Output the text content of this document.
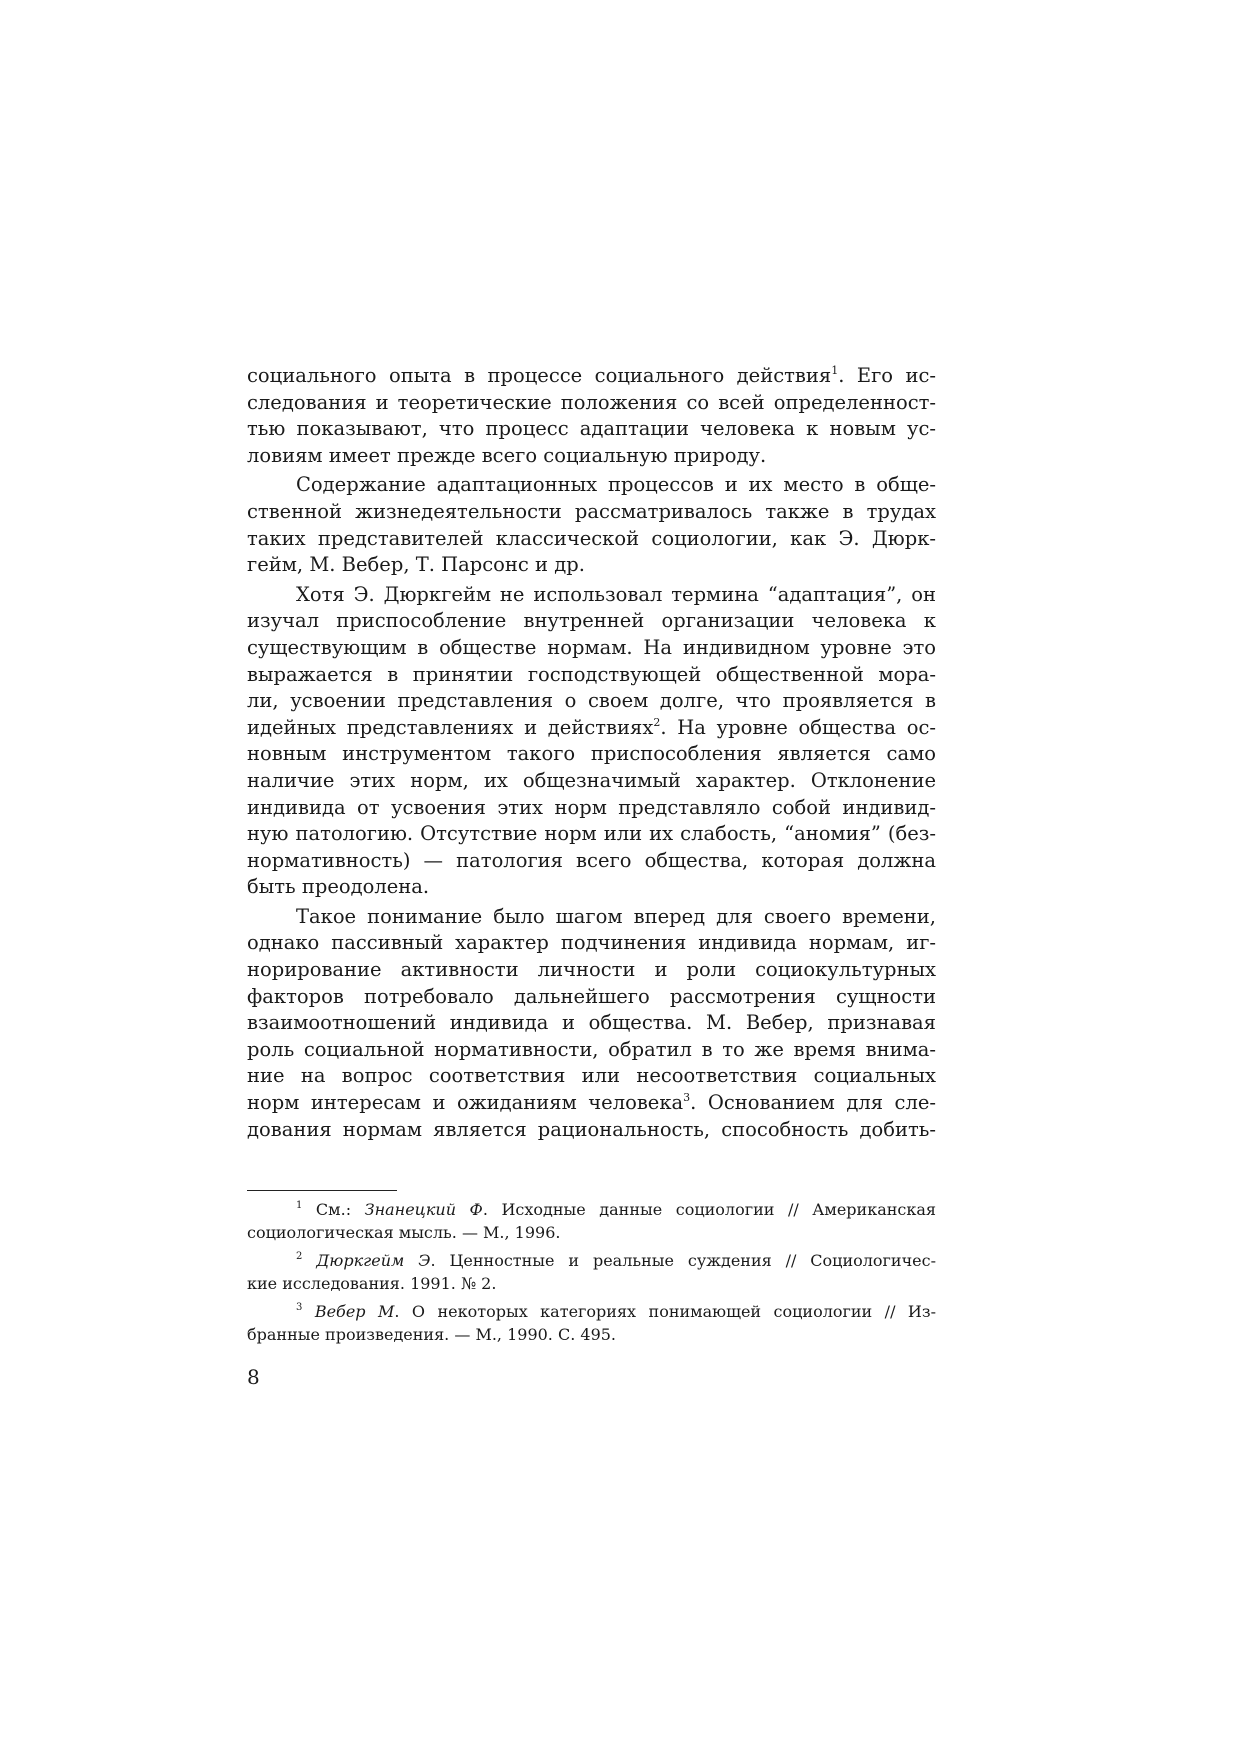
социального опыта в процессе социального действия$^1$. Его ис-
следования и теоретические положения со всей определенност-
тью показывают, что процесс адаптации человека к новым ус-
ловиям имеет прежде всего социальную природу.
Содержание адаптационных процессов и их место в обще-
ственной жизнедеятельности рассматривалось также в трудах
таких представителей классической социологии, как Э. Дюрк-
гейм, М. Вебер, Т. Парсонс и др.
Хотя Э. Дюркгейм не использовал термина “адаптация”, он
изучал приспособление внутренней организации человека к
существующим в обществе нормам. На индивидном уровне это
выражается в принятии господствующей общественной мора-
ли, усвоении представления о своем долге, что проявляется в
идейных представлениях и действиях$^2$. На уровне общества ос-
новным инструментом такого приспособления является само
наличие этих норм, их общезначимый характер. Отклонение
индивида от усвоения этих норм представляло собой индивид-
ную патологию. Отсутствие норм или их слабость, “аномия” (без-
нормативность) — патология всего общества, которая должна
быть преодолена.
Такое понимание было шагом вперед для своего времени,
однако пассивный характер подчинения индивида нормам, иг-
норирование активности личности и роли социокультурных
факторов потребовало дальнейшего рассмотрения сущности
взаимоотношений индивида и общества. М. Вебер, признавая
роль социальной нормативности, обратил в то же время внима-
ние на вопрос соответствия или несоответствия социальных
норм интересам и ожиданиям человека$^3$. Основанием для сле-
дования нормам является рациональность, способность добить-
$^1$ См.: Знанецкий Ф. Исходные данные социологии // Американская
социологическая мысль. — М., 1996.
$^2$ Дюркгейм Э. Ценностные и реальные суждения // Социологичес-
кие исследования. 1991. № 2.
$^3$ Вебер М. О некоторых категориях понимающей социологии // Из-
бранные произведения. — М., 1990. С. 495.
8
